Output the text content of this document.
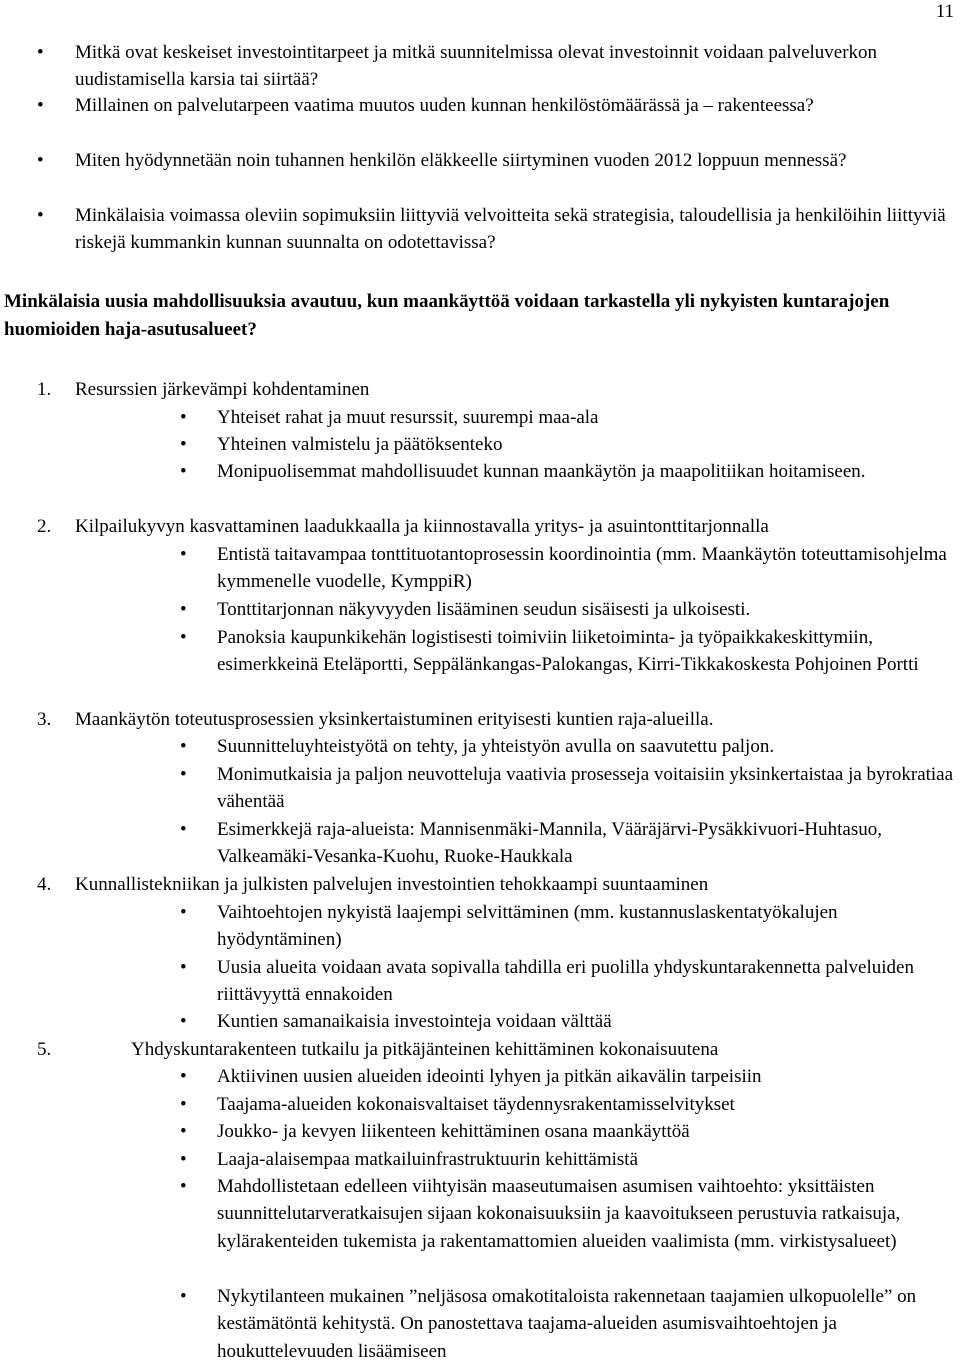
11
•	Mitkä ovat keskeiset investointitarpeet ja mitkä suunnitelmissa olevat investoinnit voidaan palveluverkon uudistamisella karsia tai siirtää?
•	Millainen on palvelutarpeen vaatima muutos uuden kunnan henkilöstömäärässä ja – rakenteessa?
•	Miten hyödynnetään noin tuhannen henkilön eläkkeelle siirtyminen vuoden 2012 loppuun mennessä?
•	Minkälaisia voimassa oleviin sopimuksiin liittyviä velvoitteita sekä strategisia, taloudellisia ja henkilöihin liittyviä riskejä kummankin kunnan suunnalta on odotettavissa?
Minkälaisia uusia mahdollisuuksia avautuu, kun maankäyttöä voidaan tarkastella yli nykyisten kuntarajojen huomioiden haja-asutusalueet?
1.	Resurssien järkevämpi kohdentaminen
•	Yhteiset rahat ja muut resurssit, suurempi maa-ala
•	Yhteinen valmistelu ja päätöksenteko
•	Monipuolisemmat mahdollisuudet kunnan maankäytön ja maapolitiikan hoitamiseen.
2.	Kilpailukyvyn kasvattaminen laadukkaalla ja kiinnostavalla yritys- ja asuintonttitarjonnalla
•	Entistä taitavampaa tonttituotantoprosessin koordinointia (mm. Maankäytön toteuttamisohjelma kymmenelle vuodelle, KymppiR)
•	Tonttitarjonnan näkyvyyden lisääminen seudun sisäisesti ja ulkoisesti.
•	Panoksia kaupunkikehän logistisesti toimiviin liiketoiminta- ja työpaikkakeskittymiin, esimerkkeinä Eteläportti, Seppälänkangas-Palokangas, Kirri-Tikkakoskesta Pohjoinen Portti
3.	Maankäytön toteutusprosessien yksinkertaistuminen erityisesti kuntien raja-alueilla.
•	Suunnitteluyhteistyötä on tehty, ja yhteistyön avulla on saavutettu paljon.
•	Monimutkaisia ja paljon neuvotteluja vaativia prosesseja voitaisiin yksinkertaistaa ja byrokratiaa vähentää
•	Esimerkkejä raja-alueista: Mannisenmäki-Mannila, Vääräjärvi-Pysäkkivuori-Huhtasuo, Valkeamäki-Vesanka-Kuohu, Ruoke-Haukkala
4.	Kunnallistekniikan ja julkisten palvelujen investointien tehokkaampi suuntaaminen
•	Vaihtoehtojen nykyistä laajempi selvittäminen (mm. kustannuslaskentatyökalujen hyödyntäminen)
•	Uusia alueita voidaan avata sopivalla tahdilla eri puolilla yhdyskuntarakennetta palveluiden riittävyyttä ennakoiden
•	Kuntien samanaikaisia investointeja voidaan välttää
5.	Yhdyskuntarakenteen tutkailu ja pitkäjänteinen kehittäminen kokonaisuutena
•	Aktiivinen uusien alueiden ideointi lyhyen ja pitkän aikavälin tarpeisiin
•	Taajama-alueiden kokonaisvaltaiset täydennysrakentamisselvitykset
•	Joukko- ja kevyen liikenteen kehittäminen osana maankäyttöä
•	Laaja-alaisempaa matkailuinfrastruktuurin kehittämistä
•	Mahdollistetaan edelleen viihtyisän maaseutumaisen asumisen vaihtoehto: yksittäisten suunnittelutarveratkaisujen sijaan kokonaisuuksiin ja kaavoitukseen perustuvia ratkaisuja, kylärakenteiden tukemista ja rakentamattomien alueiden vaalimista (mm. virkistysalueet)
•	Nykytilanteen mukainen ”neljäsosa omakotitaloista rakennetaan taajamien ulkopuolelle” on kestämätöntä kehitystä. On panostettava taajama-alueiden asumisvaihtoehtojen ja houkuttelevuuden lisäämiseen
